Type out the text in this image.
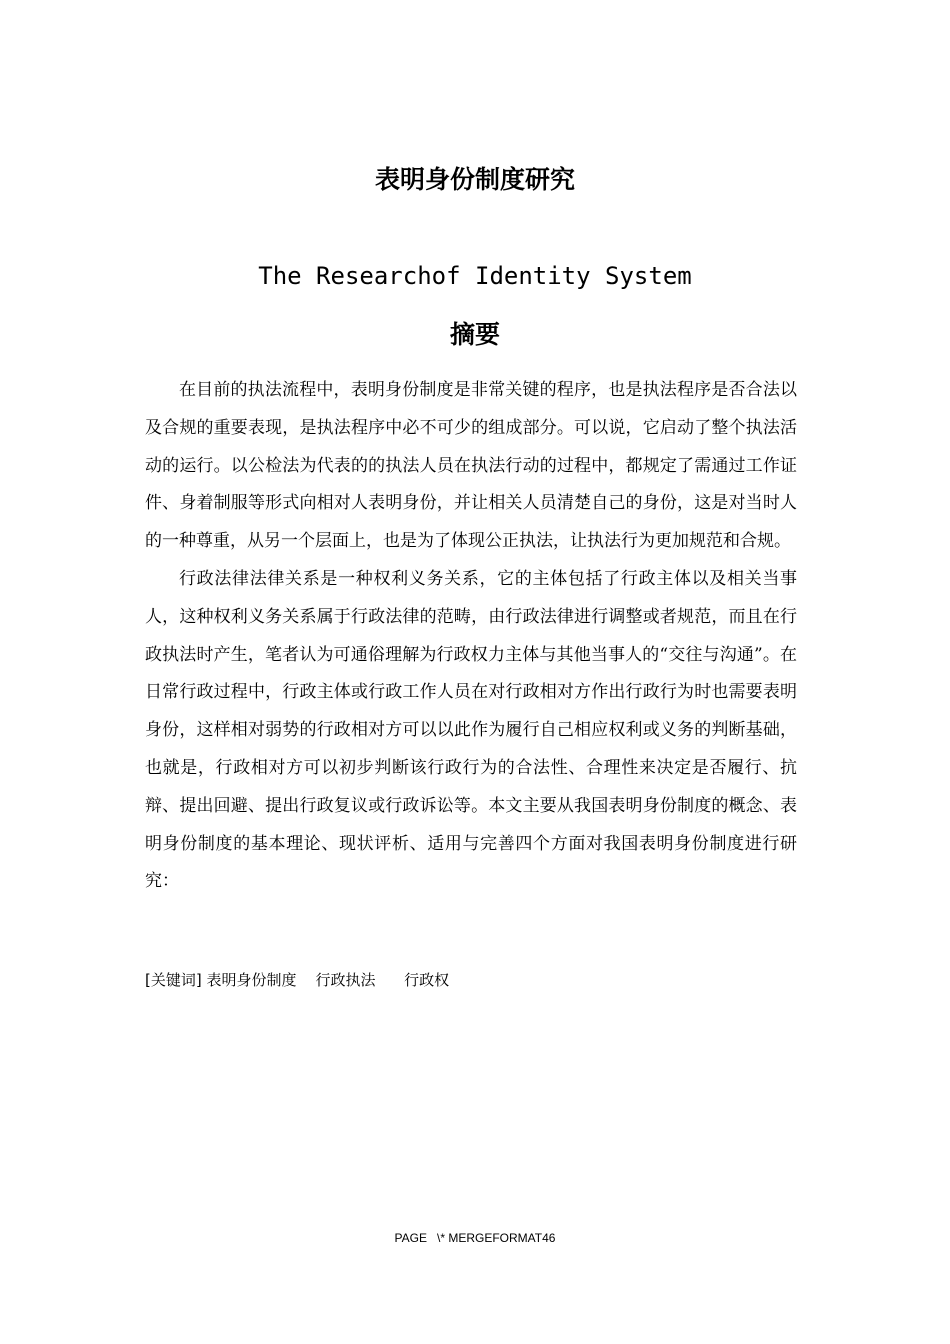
表明身份制度研究
The Researchof Identity System
摘要

在目前的执法流程中，表明身份制度是非常关键的程序，也是执法程序是否合法以及合规的重要表现，是执法程序中必不可少的组成部分。可以说，它启动了整个执法活动的运行。以公检法为代表的的执法人员在执法行动的过程中，都规定了需通过工作证件、身着制服等形式向相对人表明身份，并让相关人员清楚自己的身份，这是对当时人的一种尊重，从另一个层面上，也是为了体现公正执法，让执法行为更加规范和合规。

行政法律法律关系是一种权利义务关系，它的主体包括了行政主体以及相关当事人，这种权利义务关系属于行政法律的范畴，由行政法律进行调整或者规范，而且在行政执法时产生，笔者认为可通俗理解为行政权力主体与其他当事人的“交往与沟通”。在日常行政过程中，行政主体或行政工作人员在对行政相对方作出行政行为时也需要表明身份，这样相对弱势的行政相对方可以以此作为履行自己相应权利或义务的判断基础，也就是，行政相对方可以初步判断该行政行为的合法性、合理性来决定是否履行、抗辩、提出回避、提出行政复议或行政诉讼等。本文主要从我国表明身份制度的概念、表明身份制度的基本理论、现状评析、适用与完善四个方面对我国表明身份制度进行研究：

[关键词] 表明身份制度    行政执法      行政权
PAGE   \* MERGEFORMAT46
